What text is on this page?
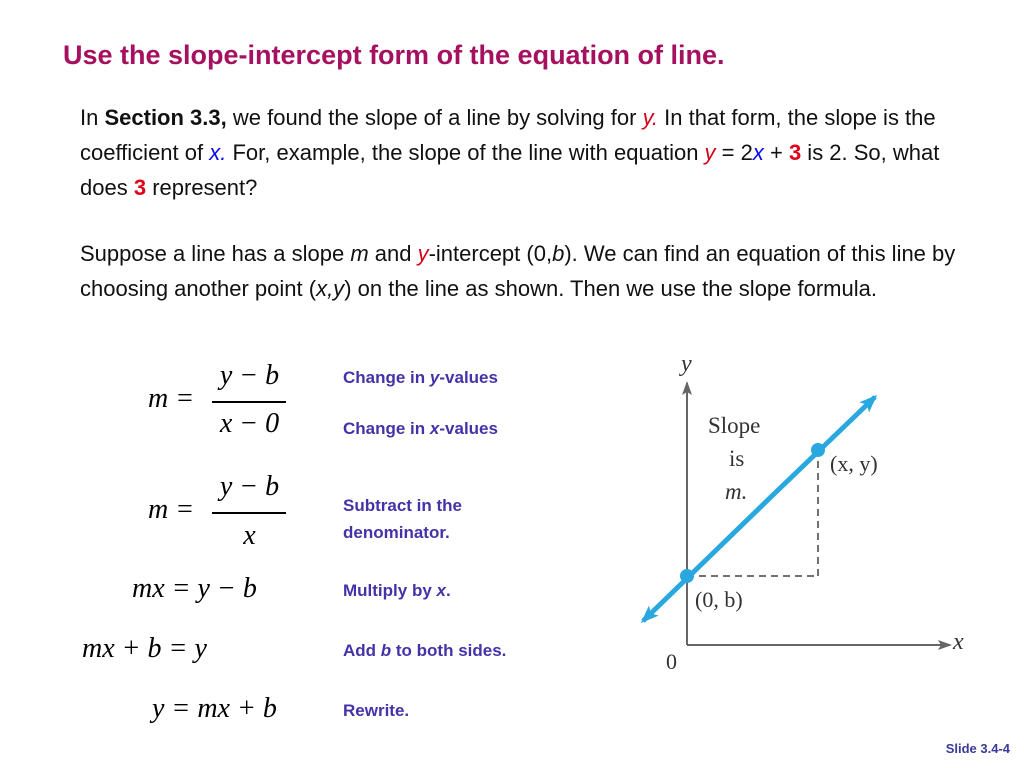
Use the slope-intercept form of the equation of line.
In Section 3.3, we found the slope of a line by solving for y. In that form, the slope is the coefficient of x. For, example, the slope of the line with equation y = 2x + 3 is 2. So, what does 3 represent?
Suppose a line has a slope m and y-intercept (0,b). We can find an equation of this line by choosing another point (x,y) on the line as shown. Then we use the slope formula.
m =
y − b
x − 0
m =
y − b
x
mx = y − b
mx + b = y
y = mx + b
Change in y-values
Change in x-values
Subtract in the denominator.
Multiply by x.
Add b to both sides.
Rewrite.
y
x
0
Slope
is
m.
(x, y)
(0, b)
Slide 3.4-4
